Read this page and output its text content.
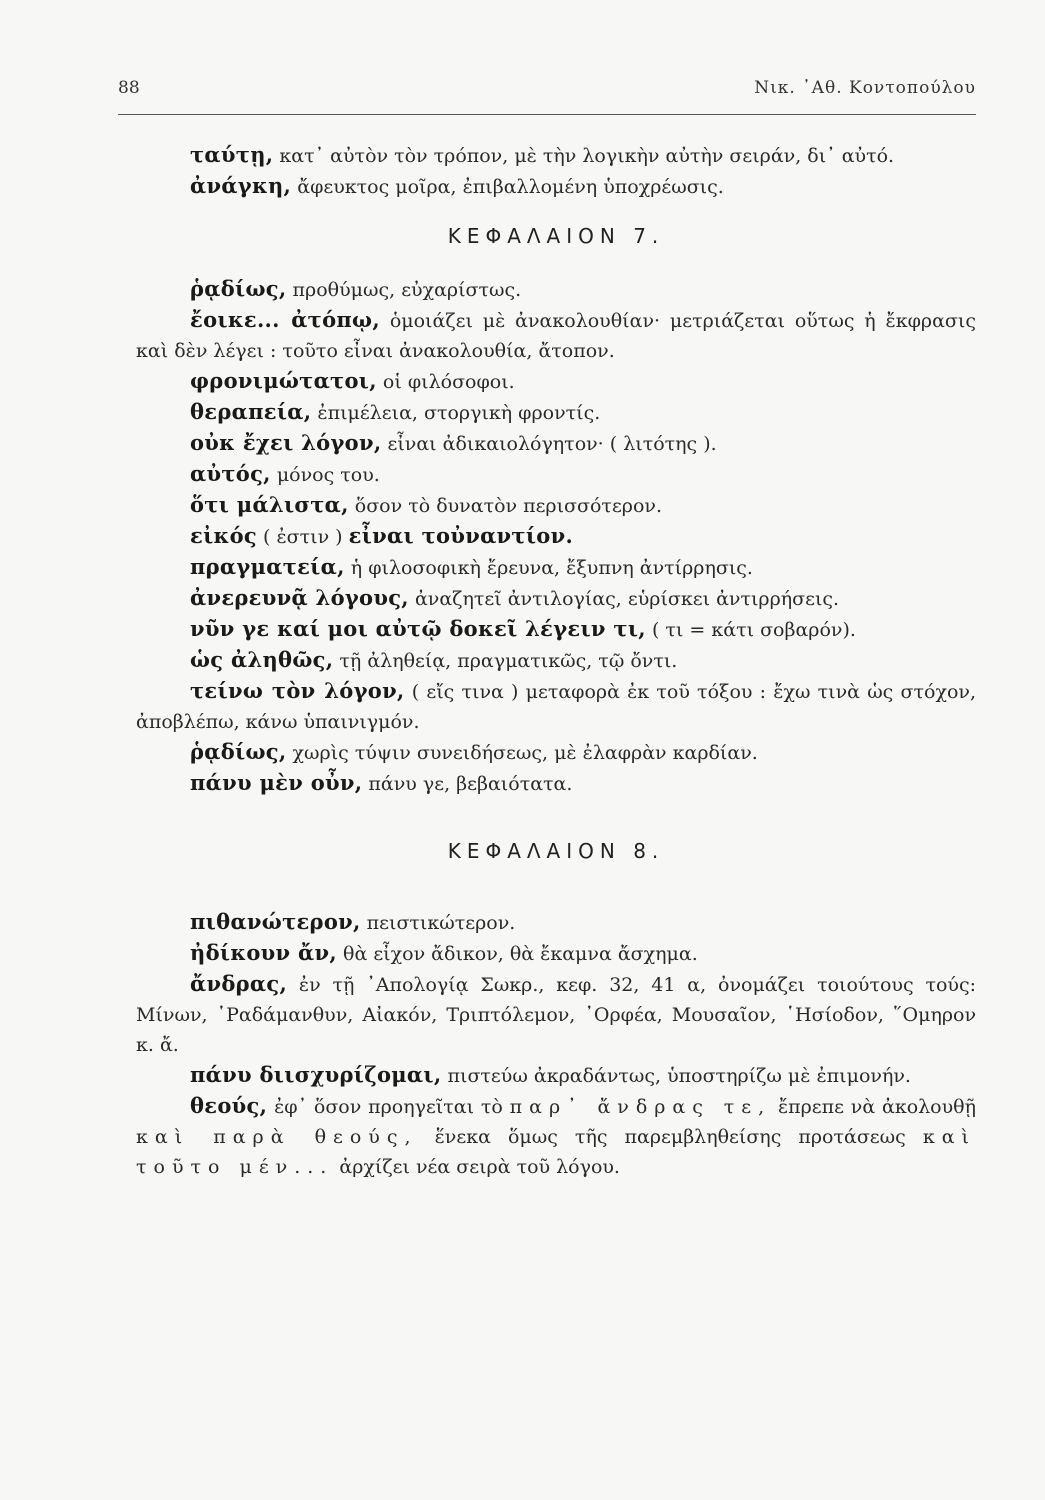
88	Νικ. ᾿Αθ. Κοντοπούλου

ταύτῃ, κατ᾿ αὐτὸν τὸν τρόπον, μὲ τὴν λογικὴν αὐτὴν σειράν, δι᾿ αὐτό.

ἀνάγκη, ἄφευκτος μοῖρα, ἐπιβαλλομένη ὑποχρέωσις.

ΚΕΦΑΛΑΙΟΝ 7.

ῥᾳδίως, προθύμως, εὐχαρίστως.

ἔοικε... ἀτόπῳ, ὁμοιάζει μὲ ἀνακολουθίαν· μετριάζεται οὕτως ἡ ἔκφρασις καὶ δὲν λέγει : τοῦτο εἶναι ἀνακολουθία, ἄτοπον.

φρονιμώτατοι, οἱ φιλόσοφοι.

θεραπεία, ἐπιμέλεια, στοργικὴ φροντίς.

οὐκ ἔχει λόγον, εἶναι ἀδικαιολόγητον· ( λιτότης ).

αὐτός, μόνος του.

ὅτι μάλιστα, ὅσον τὸ δυνατὸν περισσότερον.

εἰκός ( ἐστιν ) εἶναι τοὐναντίον.

πραγματεία, ἡ φιλοσοφικὴ ἔρευνα, ἔξυπνη ἀντίρρησις.

ἀνερευνᾷ λόγους, ἀναζητεῖ ἀντιλογίας, εὑρίσκει ἀντιρρήσεις.

νῦν γε καί μοι αὐτῷ δοκεῖ λέγειν τι, ( τι = κάτι σοβαρόν).

ὡς ἀληθῶς, τῇ ἀληθείᾳ, πραγματικῶς, τῷ ὄντι.

τείνω τὸν λόγον, ( εἴς τινα ) μεταφορὰ ἐκ τοῦ τόξου : ἔχω τινὰ ὡς στόχον, ἀποβλέπω, κάνω ὑπαινιγμόν.

ῥᾳδίως, χωρὶς τύψιν συνειδήσεως, μὲ ἐλαφρὰν καρδίαν.

πάνυ μὲν οὖν, πάνυ γε, βεβαιότατα.

ΚΕΦΑΛΑΙΟΝ 8.

πιθανώτερον, πειστικώτερον.

ἠδίκουν ἄν, θὰ εἶχον ἄδικον, θὰ ἔκαμνα ἄσχημα.

ἄνδρας, ἐν τῇ ᾿Απολογίᾳ Σωκρ., κεφ. 32, 41 α, ὀνομάζει τοιούτους τούς: Μίνων, ῾Ραδάμανθυν, Αἰακόν, Τριπτόλεμον, ᾿Ορφέα, Μουσαῖον, ῾Ησίοδον, ῞Ομηρον κ. ἄ.

πάνυ διισχυρίζομαι, πιστεύω ἀκραδάντως, ὑποστηρίζω μὲ ἐπιμονήν.

θεούς, ἐφ᾿ ὅσον προηγεῖται τὸ παρ᾿ ἄνδρας τε, ἔπρεπε νὰ ἀκολουθῇ καὶ παρὰ θεούς, ἕνεκα ὅμως τῆς παρεμβληθείσης προτάσεως καὶ τοῦτο μέν... ἀρχίζει νέα σειρὰ τοῦ λόγου.
